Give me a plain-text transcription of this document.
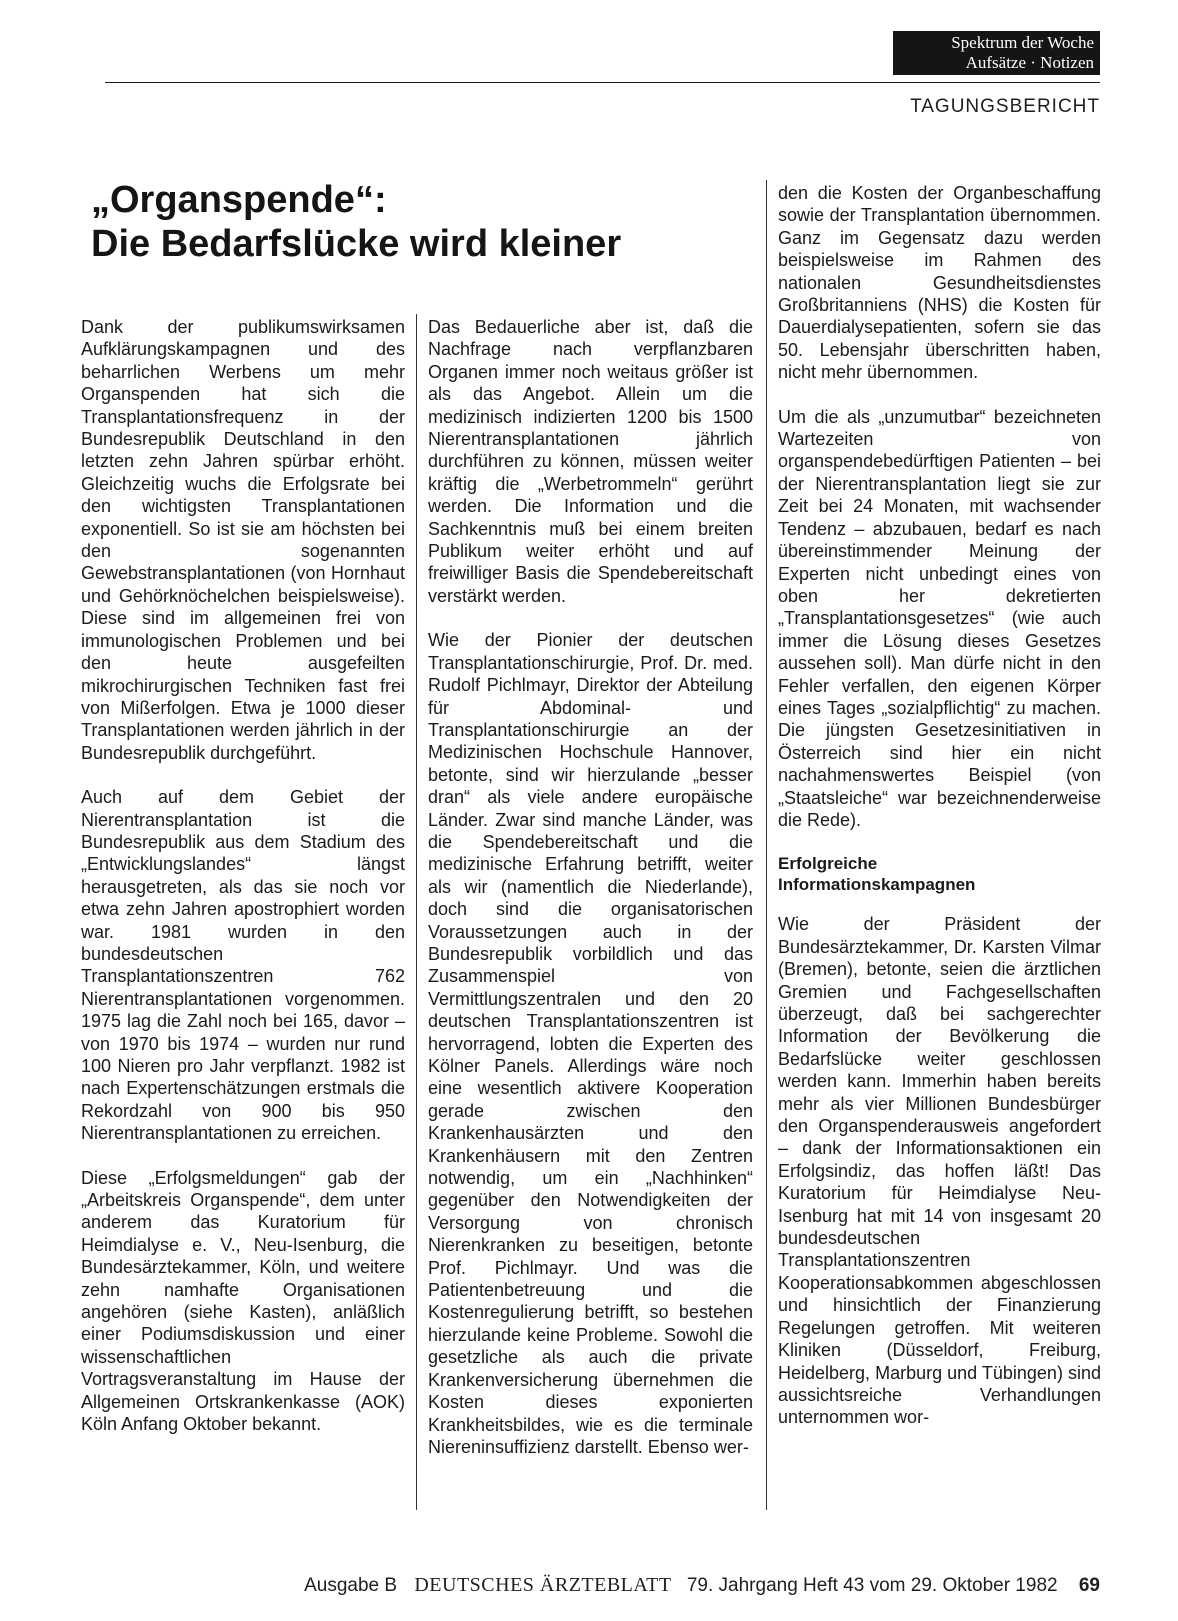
Spektrum der Woche
Aufsätze · Notizen
TAGUNGSBERICHT
„Organspende“:
Die Bedarfslücke wird kleiner

Dank der publikumswirksamen Aufklärungskampagnen und des beharrlichen Werbens um mehr Organspenden hat sich die Transplantationsfrequenz in der Bundesrepublik Deutschland in den letzten zehn Jahren spürbar erhöht. Gleichzeitig wuchs die Erfolgsrate bei den wichtigsten Transplantationen exponentiell. So ist sie am höchsten bei den sogenannten Gewebstransplantationen (von Hornhaut und Gehörknöchelchen beispielsweise). Diese sind im allgemeinen frei von immunologischen Problemen und bei den heute ausgefeilten mikrochirurgischen Techniken fast frei von Mißerfolgen. Etwa je 1000 dieser Transplantationen werden jährlich in der Bundesrepublik durchgeführt.

Auch auf dem Gebiet der Nierentransplantation ist die Bundesrepublik aus dem Stadium des „Entwicklungslandes“ längst herausgetreten, als das sie noch vor etwa zehn Jahren apostrophiert worden war. 1981 wurden in den bundesdeutschen Transplantationszentren 762 Nierentransplantationen vorgenommen. 1975 lag die Zahl noch bei 165, davor – von 1970 bis 1974 – wurden nur rund 100 Nieren pro Jahr verpflanzt. 1982 ist nach Expertenschätzungen erstmals die Rekordzahl von 900 bis 950 Nierentransplantationen zu erreichen.

Diese „Erfolgsmeldungen“ gab der „Arbeitskreis Organspende“, dem unter anderem das Kuratorium für Heimdialyse e. V., Neu-Isenburg, die Bundesärztekammer, Köln, und weitere zehn namhafte Organisationen angehören (siehe Kasten), anläßlich einer Podiumsdiskussion und einer wissenschaftlichen Vortragsveranstaltung im Hause der Allgemeinen Ortskrankenkasse (AOK) Köln Anfang Oktober bekannt.

Das Bedauerliche aber ist, daß die Nachfrage nach verpflanzbaren Organen immer noch weitaus größer ist als das Angebot. Allein um die medizinisch indizierten 1200 bis 1500 Nierentransplantationen jährlich durchführen zu können, müssen weiter kräftig die „Werbetrommeln“ gerührt werden. Die Information und die Sachkenntnis muß bei einem breiten Publikum weiter erhöht und auf freiwilliger Basis die Spendebereitschaft verstärkt werden.

Wie der Pionier der deutschen Transplantationschirurgie, Prof. Dr. med. Rudolf Pichlmayr, Direktor der Abteilung für Abdominal- und Transplantationschirurgie an der Medizinischen Hochschule Hannover, betonte, sind wir hierzulande „besser dran“ als viele andere europäische Länder. Zwar sind manche Länder, was die Spendebereitschaft und die medizinische Erfahrung betrifft, weiter als wir (namentlich die Niederlande), doch sind die organisatorischen Voraussetzungen auch in der Bundesrepublik vorbildlich und das Zusammenspiel von Vermittlungszentralen und den 20 deutschen Transplantationszentren ist hervorragend, lobten die Experten des Kölner Panels. Allerdings wäre noch eine wesentlich aktivere Kooperation gerade zwischen den Krankenhausärzten und den Krankenhäusern mit den Zentren notwendig, um ein „Nachhinken“ gegenüber den Notwendigkeiten der Versorgung von chronisch Nierenkranken zu beseitigen, betonte Prof. Pichlmayr. Und was die Patientenbetreuung und die Kostenregulierung betrifft, so bestehen hierzulande keine Probleme. Sowohl die gesetzliche als auch die private Krankenversicherung übernehmen die Kosten dieses exponierten Krankheitsbildes, wie es die terminale Niereninsuffizienz darstellt. Ebenso wer-

den die Kosten der Organbeschaffung sowie der Transplantation übernommen. Ganz im Gegensatz dazu werden beispielsweise im Rahmen des nationalen Gesundheitsdienstes Großbritanniens (NHS) die Kosten für Dauerdialysepatienten, sofern sie das 50. Lebensjahr überschritten haben, nicht mehr übernommen.

Um die als „unzumutbar“ bezeichneten Wartezeiten von organspendebedürftigen Patienten – bei der Nierentransplantation liegt sie zur Zeit bei 24 Monaten, mit wachsender Tendenz – abzubauen, bedarf es nach übereinstimmender Meinung der Experten nicht unbedingt eines von oben her dekretierten „Transplantationsgesetzes“ (wie auch immer die Lösung dieses Gesetzes aussehen soll). Man dürfe nicht in den Fehler verfallen, den eigenen Körper eines Tages „sozialpflichtig“ zu machen. Die jüngsten Gesetzesinitiativen in Österreich sind hier ein nicht nachahmenswertes Beispiel (von „Staatsleiche“ war bezeichnenderweise die Rede).

Erfolgreiche
Informationskampagnen

Wie der Präsident der Bundesärztekammer, Dr. Karsten Vilmar (Bremen), betonte, seien die ärztlichen Gremien und Fachgesellschaften überzeugt, daß bei sachgerechter Information der Bevölkerung die Bedarfslücke weiter geschlossen werden kann. Immerhin haben bereits mehr als vier Millionen Bundesbürger den Organspenderausweis angefordert – dank der Informationsaktionen ein Erfolgsindiz, das hoffen läßt! Das Kuratorium für Heimdialyse Neu-Isenburg hat mit 14 von insgesamt 20 bundesdeutschen Transplantationszentren Kooperationsabkommen abgeschlossen und hinsichtlich der Finanzierung Regelungen getroffen. Mit weiteren Kliniken (Düsseldorf, Freiburg, Heidelberg, Marburg und Tübingen) sind aussichtsreiche Verhandlungen unternommen wor-

Ausgabe B DEUTSCHES ÄRZTEBLATT 79. Jahrgang Heft 43 vom 29. Oktober 1982 69
